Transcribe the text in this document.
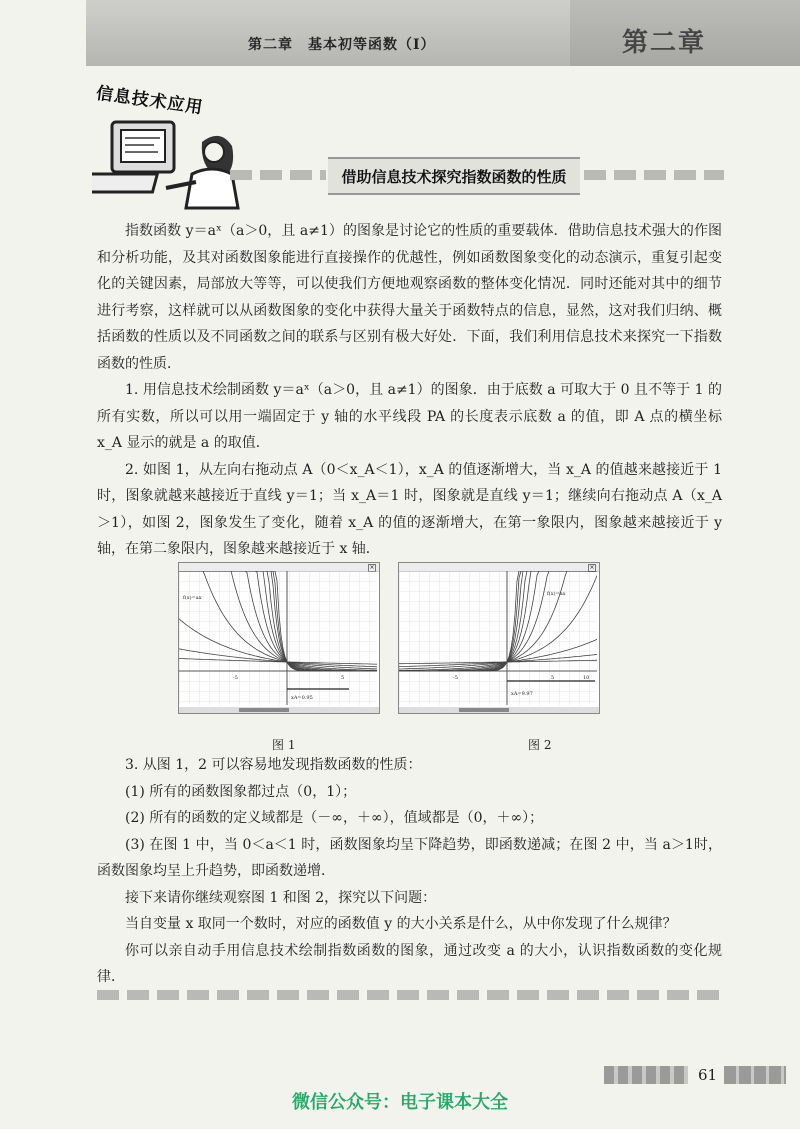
第二章　基本初等函数（Ⅰ）	第二章
信息技术应用
借助信息技术探究指数函数的性质

指数函数 y＝aˣ（a＞0，且 a≠1）的图象是讨论它的性质的重要载体．借助信息技术强大的作图和分析功能，及其对函数图象能进行直接操作的优越性，例如函数图象变化的动态演示，重复引起变化的关键因素，局部放大等等，可以使我们方便地观察函数的整体变化情况．同时还能对其中的细节进行考察，这样就可以从函数图象的变化中获得大量关于函数特点的信息，显然，这对我们归纳、概括函数的性质以及不同函数之间的联系与区别有极大好处．下面，我们利用信息技术来探究一下指数函数的性质．

1. 用信息技术绘制函数 y＝aˣ（a＞0，且 a≠1）的图象．由于底数 a 可取大于 0 且不等于 1 的所有实数，所以可以用一端固定于 y 轴的水平线段 PA 的长度表示底数 a 的值，即 A 点的横坐标 x_A 显示的就是 a 的取值．

2. 如图 1，从左向右拖动点 A（0＜x_A＜1），x_A 的值逐渐增大，当 x_A 的值越来越接近于 1 时，图象就越来越接近于直线 y＝1；当 x_A＝1 时，图象就是直线 y＝1；继续向右拖动点 A（x_A＞1），如图 2，图象发生了变化，随着 x_A 的值的逐渐增大，在第一象限内，图象越来越接近于 y 轴，在第二象限内，图象越来越接近于 x 轴．

×
f(x)=ax
xA=0.95
-5	5
×
f(x)=ax
xA=9.97
-5	5	10
图 1	图 2

3. 从图 1，2 可以容易地发现指数函数的性质：

(1) 所有的函数图象都过点（0，1）；

(2) 所有的函数的定义域都是（－∞，＋∞），值域都是（0，＋∞）；

(3) 在图 1 中，当 0＜a＜1 时，函数图象均呈下降趋势，即函数递减；在图 2 中，当 a＞1时，函数图象均呈上升趋势，即函数递增．

接下来请你继续观察图 1 和图 2，探究以下问题：

当自变量 x 取同一个数时，对应的函数值 y 的大小关系是什么，从中你发现了什么规律？

你可以亲自动手用信息技术绘制指数函数的图象，通过改变 a 的大小，认识指数函数的变化规律．

61
微信公众号：电子课本大全
